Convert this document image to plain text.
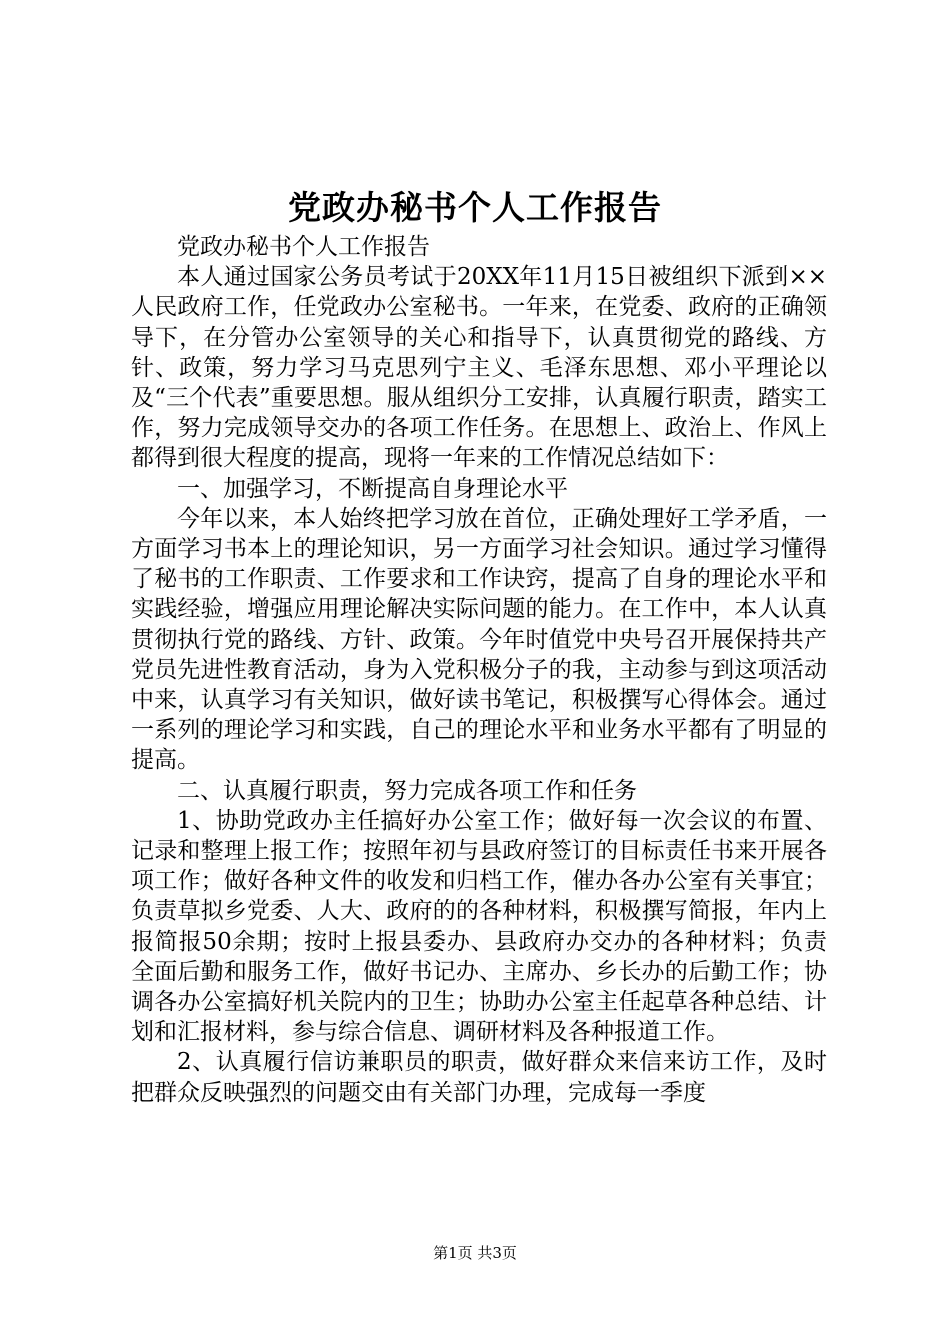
党政办秘书个人工作报告

党政办秘书个人工作报告

本人通过国家公务员考试于20XX年11月15日被组织下派到××人民政府工作，任党政办公室秘书。一年来，在党委、政府的正确领导下，在分管办公室领导的关心和指导下，认真贯彻党的路线、方针、政策，努力学习马克思列宁主义、毛泽东思想、邓小平理论以及“三个代表”重要思想。服从组织分工安排，认真履行职责，踏实工作，努力完成领导交办的各项工作任务。在思想上、政治上、作风上都得到很大程度的提高，现将一年来的工作情况总结如下：

一、加强学习，不断提高自身理论水平

今年以来，本人始终把学习放在首位，正确处理好工学矛盾，一方面学习书本上的理论知识，另一方面学习社会知识。通过学习懂得了秘书的工作职责、工作要求和工作诀窍，提高了自身的理论水平和实践经验，增强应用理论解决实际问题的能力。在工作中，本人认真贯彻执行党的路线、方针、政策。今年时值党中央号召开展保持共产党员先进性教育活动，身为入党积极分子的我，主动参与到这项活动中来，认真学习有关知识，做好读书笔记，积极撰写心得体会。通过一系列的理论学习和实践，自己的理论水平和业务水平都有了明显的提高。

二、认真履行职责，努力完成各项工作和任务

1、协助党政办主任搞好办公室工作；做好每一次会议的布置、记录和整理上报工作；按照年初与县政府签订的目标责任书来开展各项工作；做好各种文件的收发和归档工作，催办各办公室有关事宜；负责草拟乡党委、人大、政府的的各种材料，积极撰写简报，年内上报简报50余期；按时上报县委办、县政府办交办的各种材料；负责全面后勤和服务工作，做好书记办、主席办、乡长办的后勤工作；协调各办公室搞好机关院内的卫生；协助办公室主任起草各种总结、计划和汇报材料，参与综合信息、调研材料及各种报道工作。

2、认真履行信访兼职员的职责，做好群众来信来访工作，及时把群众反映强烈的问题交由有关部门办理，完成每一季度

第1页 共3页
